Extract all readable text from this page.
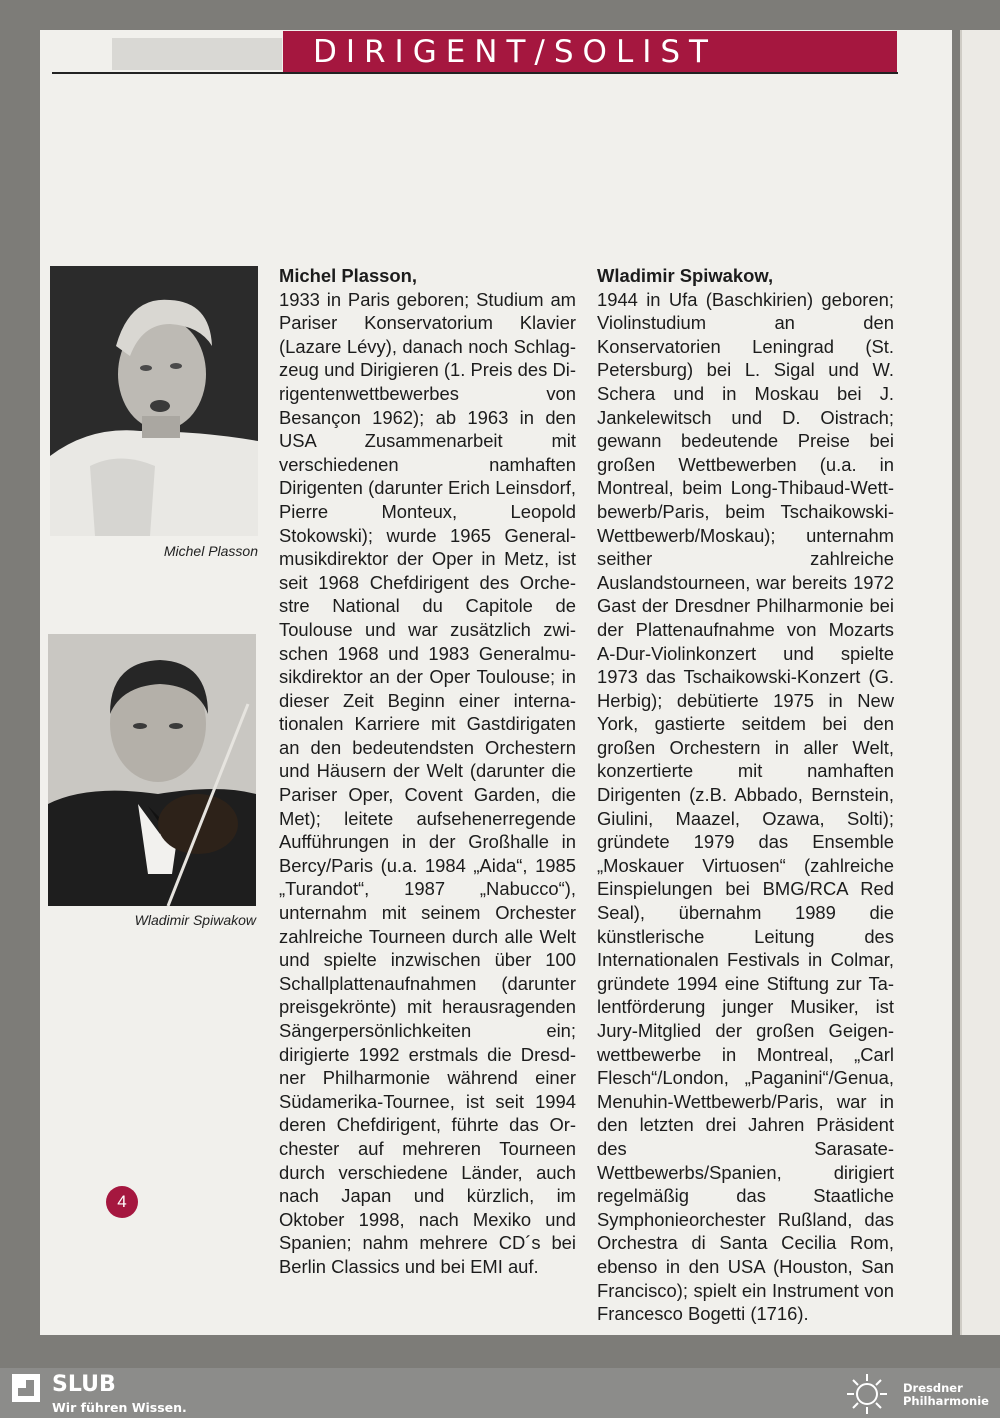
DIRIGENT/SOLIST
Michel Plasson
Wladimir Spiwakow
Michel Plasson,
1933 in Paris geboren; Studium am Pariser Konservatorium Klavier (Lazare Lévy), danach noch Schlagzeug und Dirigieren (1. Preis des Dirigentenwettbewerbes von Besançon 1962); ab 1963 in den USA Zusammenarbeit mit verschiedenen namhaften Dirigenten (darunter Erich Leinsdorf, Pierre Monteux, Leopold Stokowski); wurde 1965 Generalmusikdirektor der Oper in Metz, ist seit 1968 Chefdirigent des Orchestre National du Capitole de Toulouse und war zusätzlich zwischen 1968 und 1983 Generalmusikdirektor an der Oper Toulouse; in dieser Zeit Beginn einer internationalen Karriere mit Gastdirigaten an den bedeutendsten Orchestern und Häusern der Welt (darunter die Pariser Oper, Covent Garden, die Met); leitete aufsehenerregende Aufführungen in der Großhalle in Bercy/Paris (u.a. 1984 „Aida“, 1985 „Turandot“, 1987 „Nabucco“), unternahm mit seinem Orchester zahlreiche Tourneen durch alle Welt und spielte inzwischen über 100 Schallplattenaufnahmen (darunter preisgekrönte) mit herausragenden Sängerpersönlichkeiten ein; dirigierte 1992 erstmals die Dresdner Philharmonie während einer Südamerika-Tournee, ist seit 1994 deren Chefdirigent, führte das Orchester auf mehreren Tourneen durch verschiedene Länder, auch nach Japan und kürzlich, im Oktober 1998, nach Mexiko und Spanien; nahm mehrere CD´s bei Berlin Classics und bei EMI auf.
Wladimir Spiwakow,
1944 in Ufa (Baschkirien) geboren; Violinstudium an den Konservatorien Leningrad (St. Petersburg) bei L. Sigal und W. Schera und in Moskau bei J. Jankelewitsch und D. Oistrach; gewann bedeutende Preise bei großen Wettbewerben (u.a. in Montreal, beim Long-Thibaud-Wettbewerb/Paris, beim Tschaikowski-Wettbewerb/Moskau); unternahm seither zahlreiche Auslandstourneen, war bereits 1972 Gast der Dresdner Philharmonie bei der Plattenaufnahme von Mozarts A-Dur-Violinkonzert und spielte 1973 das Tschaikowski-Konzert (G. Herbig); debütierte 1975 in New York, gastierte seitdem bei den großen Orchestern in aller Welt, konzertierte mit namhaften Dirigenten (z.B. Abbado, Bernstein, Giulini, Maazel, Ozawa, Solti); gründete 1979 das Ensemble „Moskauer Virtuosen“ (zahlreiche Einspielungen bei BMG/RCA Red Seal), übernahm 1989 die künstlerische Leitung des Internationalen Festivals in Colmar, gründete 1994 eine Stiftung zur Talentförderung junger Musiker, ist Jury-Mitglied der großen Geigenwettbewerbe in Montreal, „Carl Flesch“/London, „Paganini“/Genua, Menuhin-Wettbewerb/Paris, war in den letzten drei Jahren Präsident des Sarasate-Wettbewerbs/Spanien, dirigiert regelmäßig das Staatliche Symphonieorchester Rußland, das Orchestra di Santa Cecilia Rom, ebenso in den USA (Houston, San Francisco); spielt ein Instrument von Francesco Bogetti (1716).
4
SLUB
Wir führen Wissen.
Dresdner
Philharmonie
